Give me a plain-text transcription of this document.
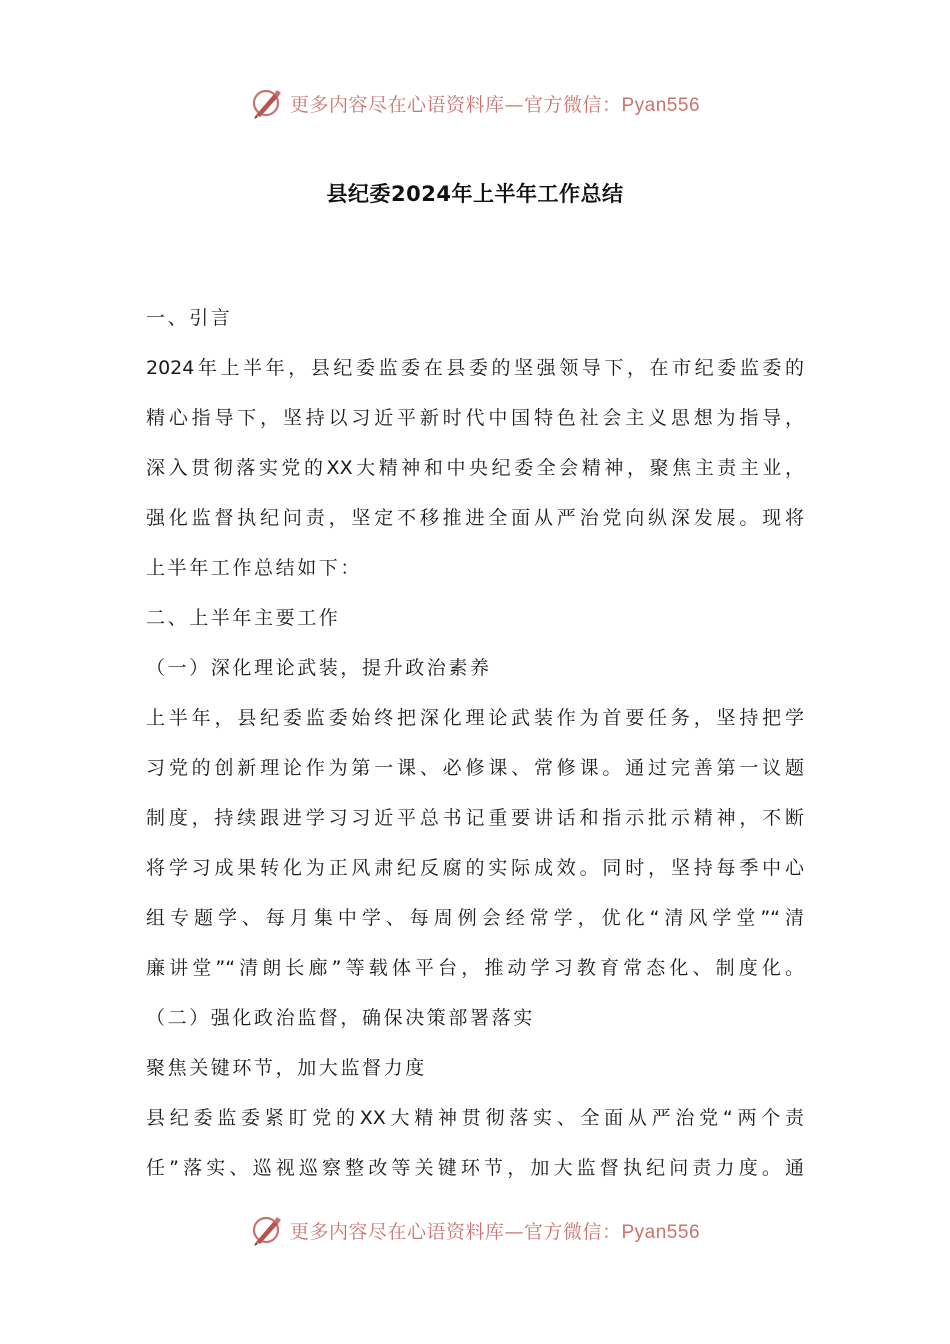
更多内容尽在心语资料库—官方微信：Pyan556
县纪委2024年上半年工作总结
一、引言
2024年上半年，县纪委监委在县委的坚强领导下，在市纪委监委的
精心指导下，坚持以习近平新时代中国特色社会主义思想为指导，
深入贯彻落实党的XX大精神和中央纪委全会精神，聚焦主责主业，
强化监督执纪问责，坚定不移推进全面从严治党向纵深发展。现将
上半年工作总结如下：
二、上半年主要工作
（一）深化理论武装，提升政治素养
上半年，县纪委监委始终把深化理论武装作为首要任务，坚持把学
习党的创新理论作为第一课、必修课、常修课。通过完善第一议题
制度，持续跟进学习习近平总书记重要讲话和指示批示精神，不断
将学习成果转化为正风肃纪反腐的实际成效。同时，坚持每季中心
组专题学、每月集中学、每周例会经常学，优化“清风学堂”“清
廉讲堂”“清朗长廊”等载体平台，推动学习教育常态化、制度化。
（二）强化政治监督，确保决策部署落实
聚焦关键环节，加大监督力度
县纪委监委紧盯党的XX大精神贯彻落实、全面从严治党“两个责
任”落实、巡视巡察整改等关键环节，加大监督执纪问责力度。通
更多内容尽在心语资料库—官方微信：Pyan556
